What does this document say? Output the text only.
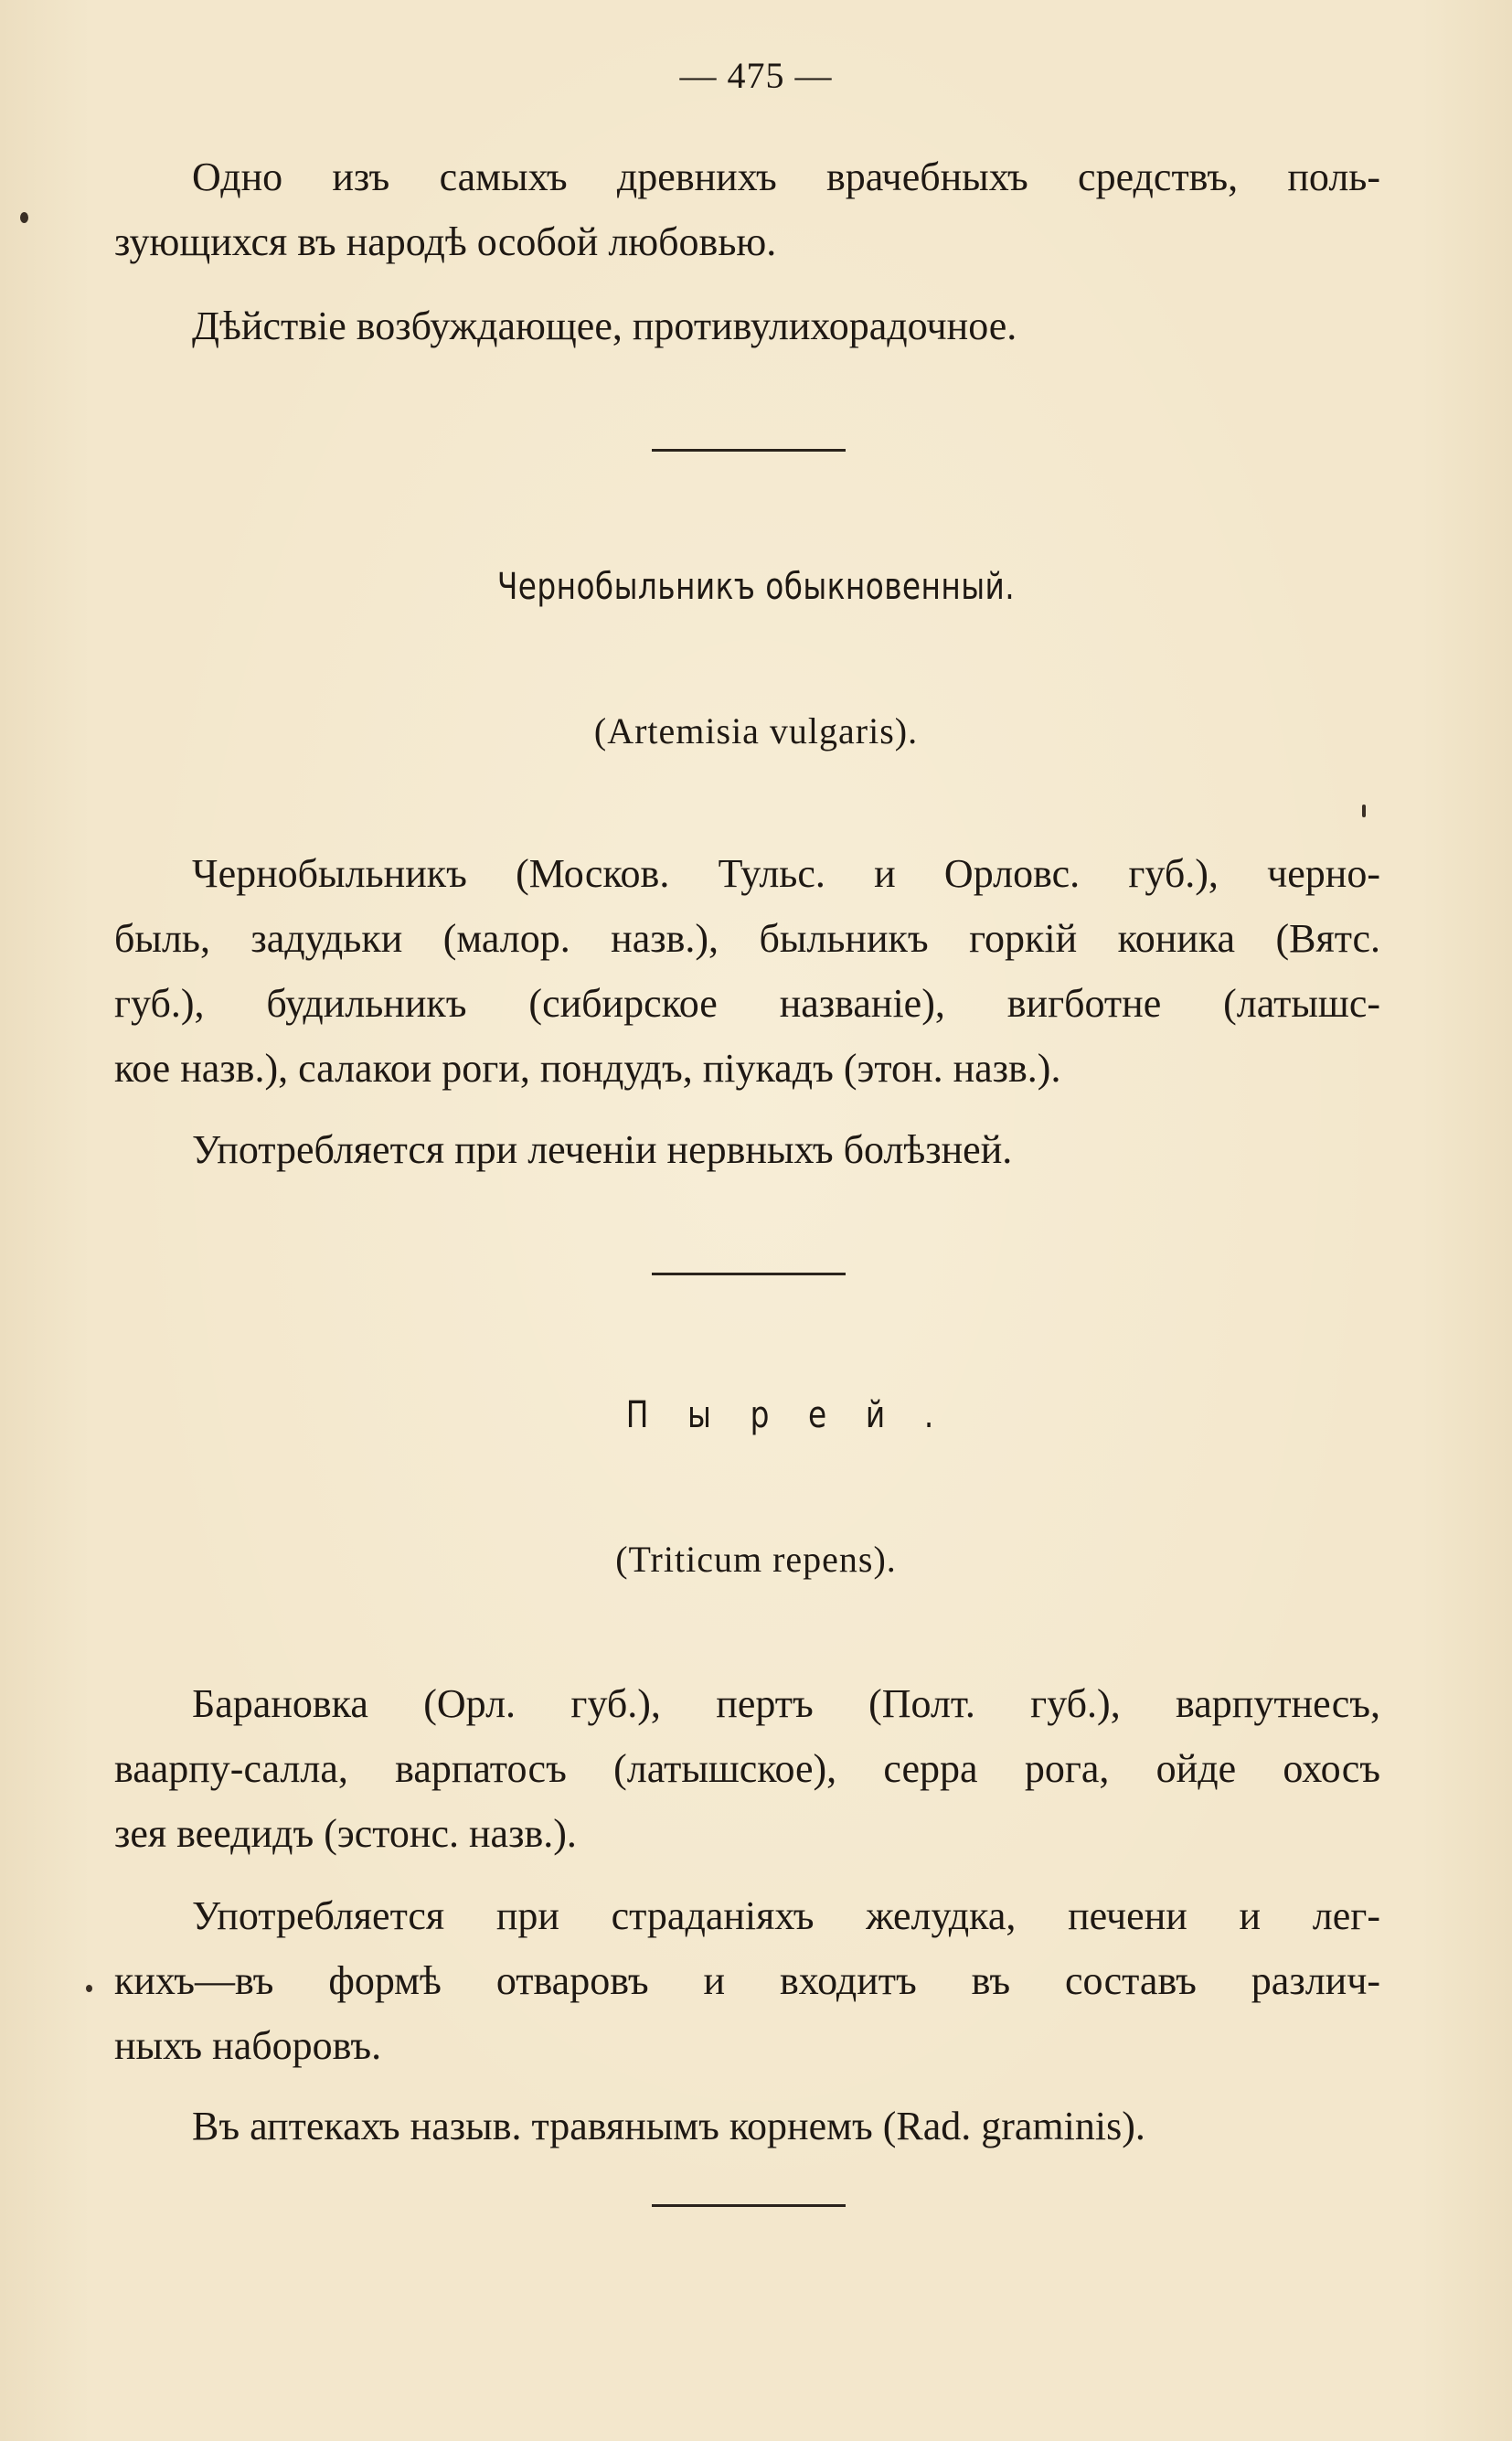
— 475 —
Одно изъ самыхъ древнихъ врачебныхъ средствъ, поль-
зующихся въ народѣ особой любовью.
Дѣйствіе возбуждающее, противулихорадочное.
Чернобыльникъ обыкновенный.
(Artemisia vulgaris).
Чернобыльникъ (Москов. Тульс. и Орловс. губ.), черно-
быль, задудьки (малор. назв.), быльникъ горкій коника (Вятс.
губ.), будильникъ (сибирское названіе), вигботне (латышс-
кое назв.), салакои роги, пондудъ, піукадъ (этон. назв.).
Употребляется при леченіи нервныхъ болѣзней.
Пырей.
(Triticum repens).
Барановка (Орл. губ.), пертъ (Полт. губ.), варпутнесъ,
ваарпу-салла, варпатосъ (латышское), серра рога, ойде охосъ
зея веедидъ (эстонс. назв.).
Употребляется при страданіяхъ желудка, печени и лег-
кихъ—въ формѣ отваровъ и входитъ въ составъ различ-
ныхъ наборовъ.
Въ аптекахъ назыв. травянымъ корнемъ (Rad. graminis).
